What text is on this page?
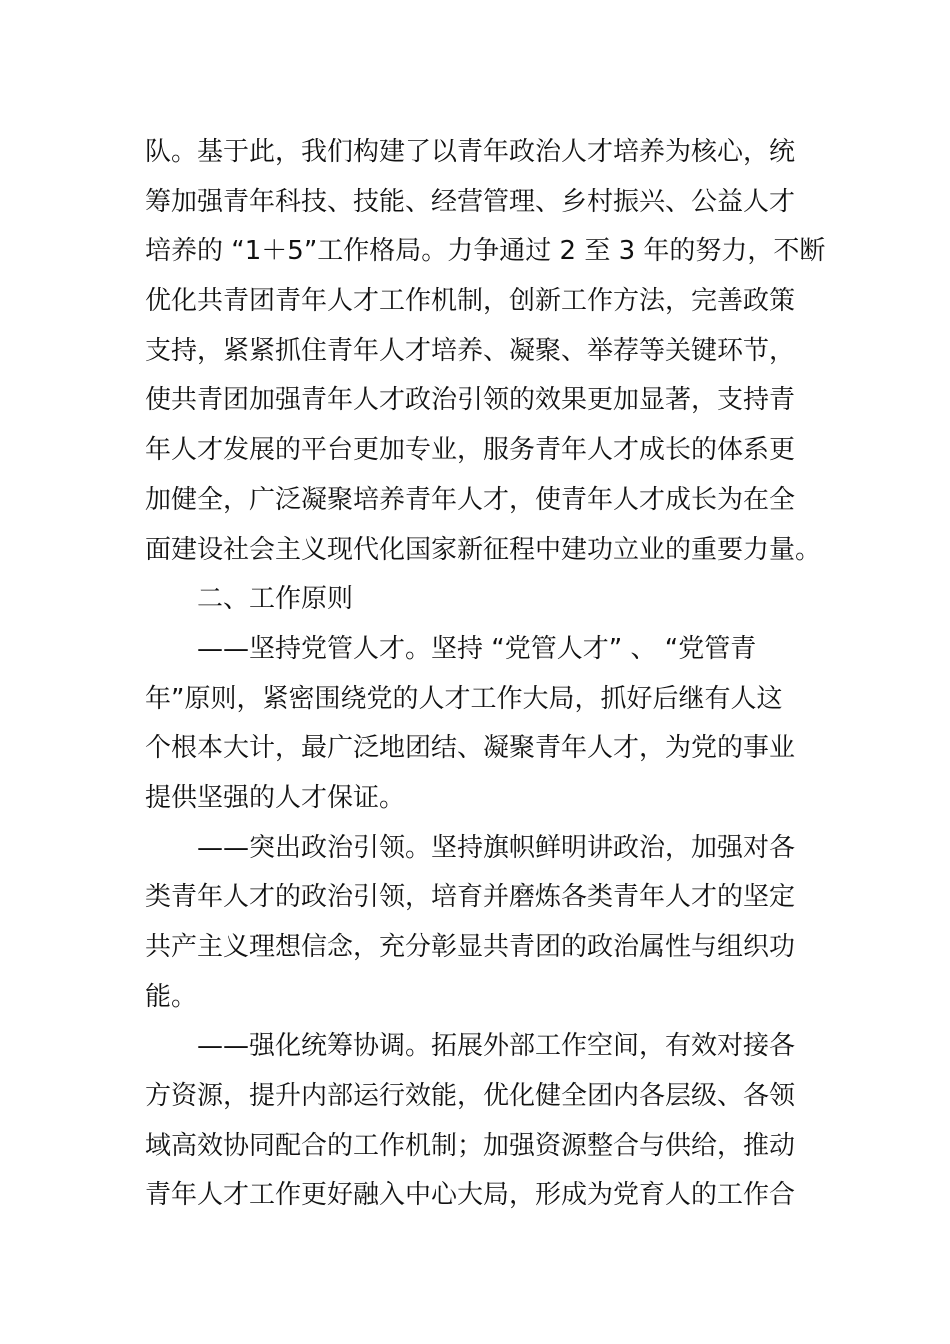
队。基于此，我们构建了以青年政治人才培养为核心，统
筹加强青年科技、技能、经营管理、乡村振兴、公益人才
培养的 “1＋5”工作格局。力争通过 2 至 3 年的努力，不断
优化共青团青年人才工作机制，创新工作方法，完善政策
支持，紧紧抓住青年人才培养、凝聚、举荐等关键环节，
使共青团加强青年人才政治引领的效果更加显著，支持青
年人才发展的平台更加专业，服务青年人才成长的体系更
加健全，广泛凝聚培养青年人才，使青年人才成长为在全
面建设社会主义现代化国家新征程中建功立业的重要力量。
二、工作原则
——坚持党管人才。坚持 “党管人才” 、 “党管青
年”原则，紧密围绕党的人才工作大局，抓好后继有人这
个根本大计，最广泛地团结、凝聚青年人才，为党的事业
提供坚强的人才保证。
——突出政治引领。坚持旗帜鲜明讲政治，加强对各
类青年人才的政治引领，培育并磨炼各类青年人才的坚定
共产主义理想信念，充分彰显共青团的政治属性与组织功
能。
——强化统筹协调。拓展外部工作空间，有效对接各
方资源，提升内部运行效能，优化健全团内各层级、各领
域高效协同配合的工作机制；加强资源整合与供给，推动
青年人才工作更好融入中心大局，形成为党育人的工作合
